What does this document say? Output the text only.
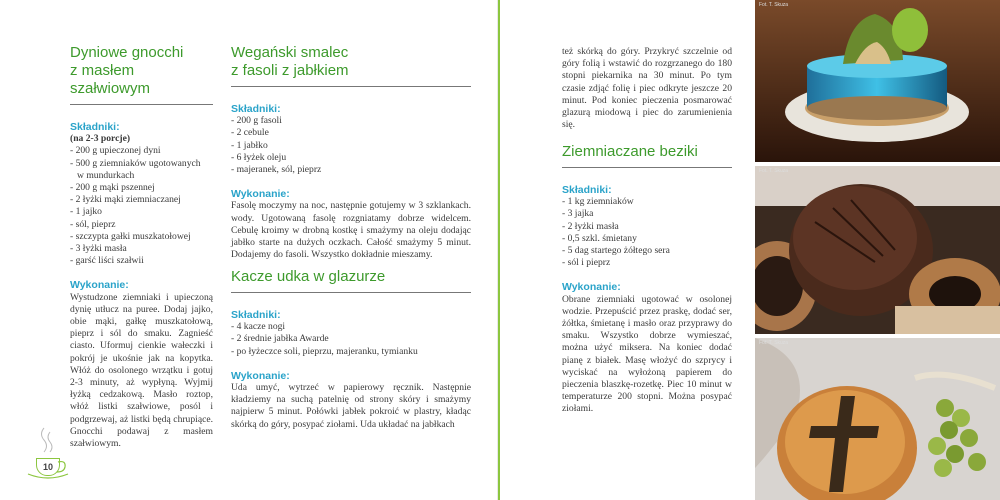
Dyniowe gnocchi
z masłem szałwiowym

Składniki:

(na 2-3 porcje)
- 200 g upieczonej dyni
- 500 g ziemniaków ugotowanych
w mundurkach
- 200 g mąki pszennej
- 2 łyżki mąki ziemniaczanej
- 1 jajko
- sól, pieprz
- szczypta gałki muszkatołowej
- 3 łyżki masła
- garść liści szałwii

Wykonanie:

Wystudzone ziemniaki i upieczoną dynię utłucz na puree. Dodaj jajko, obie mąki, gałkę muszkatołową, pieprz i sól do smaku. Zagnieść ciasto. Uformuj cienkie wałeczki i pokrój je ukośnie jak na kopytka. Włóż do osolonego wrzątku i gotuj 2-3 minuty, aż wypłyną. Wyjmij łyżką cedzakową. Masło roztop, włóż listki szałwiowe, posól i podgrzewaj, aż listki będą chrupiące. Gnocchi podawaj z masłem szałwiowym.

Wegański smalec
z fasoli z jabłkiem

Składniki:

- 200 g fasoli
- 2 cebule
- 1 jabłko
- 6 łyżek oleju
- majeranek, sól, pieprz

Wykonanie:

Fasolę moczymy na noc, następnie gotujemy w 3 szklankach. wody. Ugotowaną fasolę rozgniatamy dobrze widelcem. Cebulę kroimy w drobną kostkę i smażymy na oleju dodając jabłko starte na dużych oczkach. Całość smażymy 5 minut. Dodajemy do fasoli. Wszystko dokładnie mieszamy.

Kacze udka w glazurze

Składniki:

- 4 kacze nogi
- 2 średnie jabłka Awarde
- po łyżeczce soli, pieprzu, majeranku, tymianku

Wykonanie:

Uda umyć, wytrzeć w papierowy ręcznik. Następnie kładziemy na suchą patelnię od strony skóry i smażymy najpierw 5 minut. Połówki jabłek pokroić w plastry, kładąc skórką do góry, posypać ziołami. Uda układać na jabłkach

10

też skórką do góry. Przykryć szczelnie od góry folią i wstawić do rozgrzanego do 180 stopni piekarnika na 30 minut. Po tym czasie zdjąć folię i piec odkryte jeszcze 20 minut. Pod koniec pieczenia posmarować glazurą miodową i piec do zarumienienia się.

Ziemniaczane beziki

Składniki:

- 1 kg ziemniaków
- 3 jajka
- 2 łyżki masła
- 0,5 szkl. śmietany
- 5 dag startego żółtego sera
- sól i pieprz

Wykonanie:

Obrane ziemniaki ugotować w osolonej wodzie. Przepuścić przez praskę, dodać ser, żółtka, śmietanę i masło oraz przyprawy do smaku. Wszystko dobrze wymieszać, można użyć miksera. Na koniec dodać pianę z białek. Masę włożyć do szprycy i wyciskać na wyłożoną papierem do pieczenia blaszkę-rozetkę. Piec 10 minut w temperaturze 200 stopni. Można posypać ziołami.

Fot. T. Skuza
Fot. T. Skuza
Fot. T. Skuza
